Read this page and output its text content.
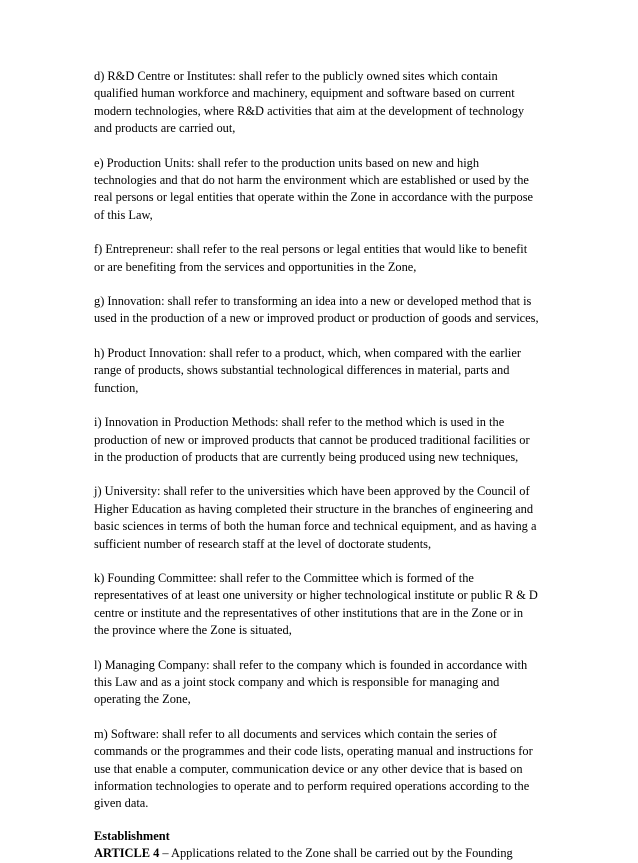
d) R&D Centre or Institutes: shall refer to the publicly owned sites which contain
qualified human workforce and machinery, equipment and software based on current
modern technologies, where R&D activities that aim at the development of technology
and products are carried out,

e) Production Units: shall refer to the production units based on new and high
technologies and that do not harm the environment which are established or used by the
real persons or legal entities that operate within the Zone in accordance with the purpose
of this Law,

f) Entrepreneur: shall refer to the real persons or legal entities that would like to benefit
or are benefiting from the services and opportunities in the Zone,

g) Innovation: shall refer to transforming an idea into a new or developed method that is
used in the production of a new or improved product or production of goods and services,

h) Product Innovation: shall refer to a product, which, when compared with the earlier
range of products, shows substantial technological differences in material, parts and
function,

i) Innovation in Production Methods: shall refer to the method which is used in the
production of new or improved products that cannot be produced traditional facilities or
in the production of products that are currently being produced using new techniques,

j) University: shall refer to the universities which have been approved by the Council of
Higher Education as having completed their structure in the branches of engineering and
basic sciences in terms of both the human force and technical equipment, and as having a
sufficient number of research staff at the level of doctorate students,

k) Founding Committee: shall refer to the Committee which is formed of the
representatives of at least one university or higher technological institute or public R & D
centre or institute and the representatives of other institutions that are in the Zone or in
the province where the Zone is situated,

l) Managing Company: shall refer to the company which is founded in accordance with
this Law and as a joint stock company and which is responsible for managing and
operating the Zone,

m) Software: shall refer to all documents and services which contain the series of
commands or the programmes and their code lists, operating manual and instructions for
use that enable a computer, communication device or any other device that is based on
information technologies to operate and to perform required operations according to the
given data.

Establishment
ARTICLE 4 – Applications related to the Zone shall be carried out by the Founding
